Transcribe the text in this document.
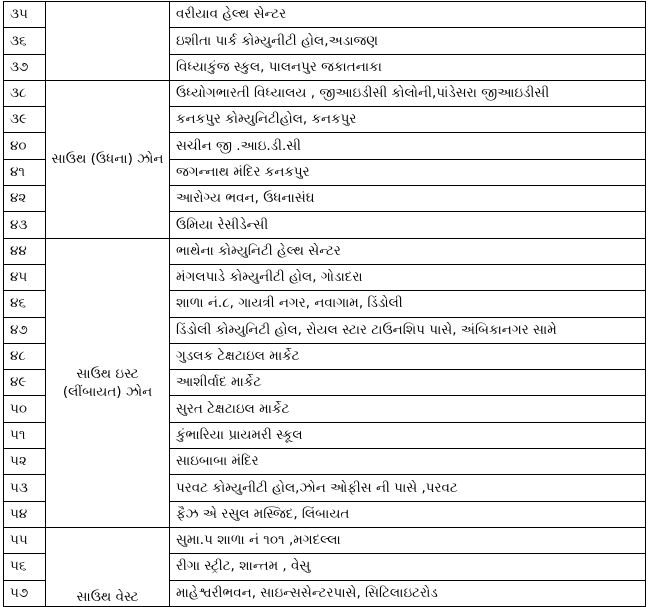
૩૫		વરીયાવ હેલ્થ સેન્ટર
૩૬		ઇશીતા પાર્ક કોમ્યુનીટી હોલ,અડાજણ
૩૭		વિધ્યાકુંજ સ્કુલ, પાલનપુર જકાતનાકા
૩૮	સાઉથ (ઉધના) ઝોન	ઉધ્યોગભારતી વિધ્યાલય , જીઆઇડીસી કોલોની,પાંડેસરા જીઆઇડીસી
૩૯		કનકપુર કોમ્યુનિટીહોલ, કનકપુર
૪૦		સચીન જી .આઇ.ડી.સી
૪૧		જગન્નાથ મંદિર કનકપુર
૪૨		આરોગ્ય ભવન, ઉધનાસંઘ
૪૩		ઉમિયા રેસીડેન્સી
૪૪	સાઉથ ઇસ્ટ (લીંબાયત) ઝોન	ભાથેના કોમ્યુનિટી હેલ્થ સેન્ટર
૪૫		મંગલપાડે કોમ્યુનીટી હોલ, ગોડાદરા
૪૬		શાળા નં.૮, ગાયત્રી નગર, નવાગામ, ડિંડોલી
૪૭		ડિંડોલી કોમ્યુનિટી હોલ, રોયલ સ્ટાર ટાઉનશિપ પાસે, અંબિકાનગર સામે
૪૮		ગુડલક ટેક્ષટાઇલ માર્કેટ
૪૯		આશીર્વાદ માર્કેટ
૫૦		સુરત ટેક્ષટાઇલ માર્કેટ
૫૧		કુંભારિયા પ્રાયમરી સ્કૂલ
૫૨		સાઇબાબા મંદિર
૫૩		પરવટ કોમ્યુનીટી હોલ,ઝોન ઓફીસ ની પાસે ,પરવટ
૫૪		ફૈઝ એ રસુલ મસ્જિદ, લિંબાયત
૫૫	સાઉથ વેસ્ટ	સુમા.પ શાળા નં ૧૦૧ ,મગદલ્લા
૫૬		રીગા સ્ટ્રીટ, શાન્તમ , વેસુ
૫૭		માહેશ્વરીભવન, સાઇન્સસેન્ટરપાસે, સિટિલાઇટરોડ
